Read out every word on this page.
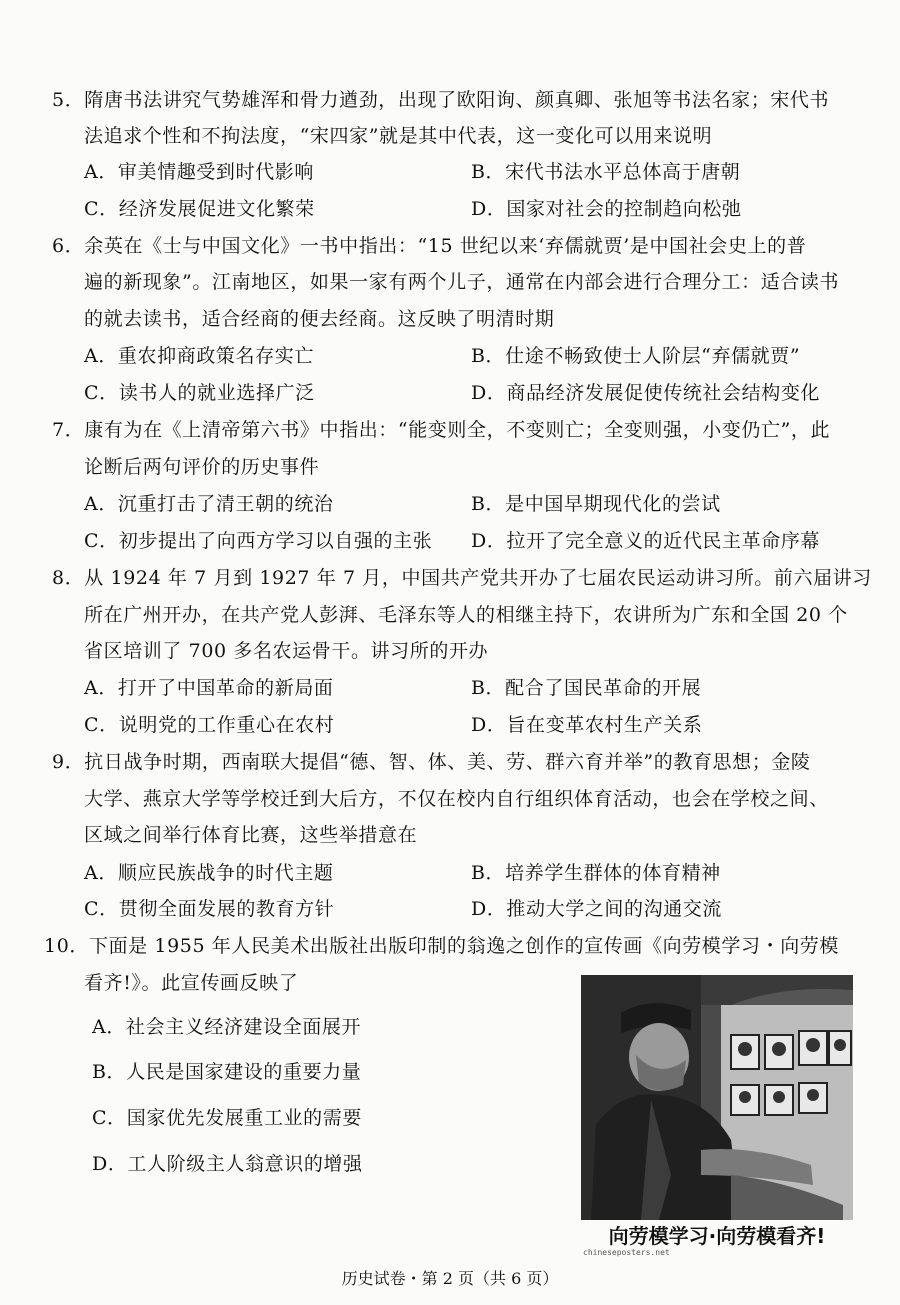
5．隋唐书法讲究气势雄浑和骨力遒劲，出现了欧阳询、颜真卿、张旭等书法名家；宋代书
法追求个性和不拘法度，“宋四家”就是其中代表，这一变化可以用来说明
A．审美情趣受到时代影响	B．宋代书法水平总体高于唐朝
C．经济发展促进文化繁荣	D．国家对社会的控制趋向松弛
6．余英在《士与中国文化》一书中指出：“15 世纪以来‘弃儒就贾’是中国社会史上的普
遍的新现象”。江南地区，如果一家有两个儿子，通常在内部会进行合理分工：适合读书
的就去读书，适合经商的便去经商。这反映了明清时期
A．重农抑商政策名存实亡	B．仕途不畅致使士人阶层“弃儒就贾”
C．读书人的就业选择广泛	D．商品经济发展促使传统社会结构变化
7．康有为在《上清帝第六书》中指出：“能变则全，不变则亡；全变则强，小变仍亡”，此
论断后两句评价的历史事件
A．沉重打击了清王朝的统治	B．是中国早期现代化的尝试
C．初步提出了向西方学习以自强的主张 D．拉开了完全意义的近代民主革命序幕
8．从 1924 年 7 月到 1927 年 7 月，中国共产党共开办了七届农民运动讲习所。前六届讲习
所在广州开办，在共产党人彭湃、毛泽东等人的相继主持下，农讲所为广东和全国 20 个
省区培训了 700 多名农运骨干。讲习所的开办
A．打开了中国革命的新局面	B．配合了国民革命的开展
C．说明党的工作重心在农村	D．旨在变革农村生产关系
9．抗日战争时期，西南联大提倡“德、智、体、美、劳、群六育并举”的教育思想；金陵
大学、燕京大学等学校迁到大后方，不仅在校内自行组织体育活动，也会在学校之间、
区域之间举行体育比赛，这些举措意在
A．顺应民族战争的时代主题	B．培养学生群体的体育精神
C．贯彻全面发展的教育方针	D．推动大学之间的沟通交流
10．下面是 1955 年人民美术出版社出版印制的翁逸之创作的宣传画《向劳模学习・向劳模
看齐!》。此宣传画反映了
A．社会主义经济建设全面展开
B．人民是国家建设的重要力量
C．国家优先发展重工业的需要
D．工人阶级主人翁意识的增强
向劳模学习·向劳模看齐!
chineseposters.net
历史试卷・第 2 页（共 6 页）
